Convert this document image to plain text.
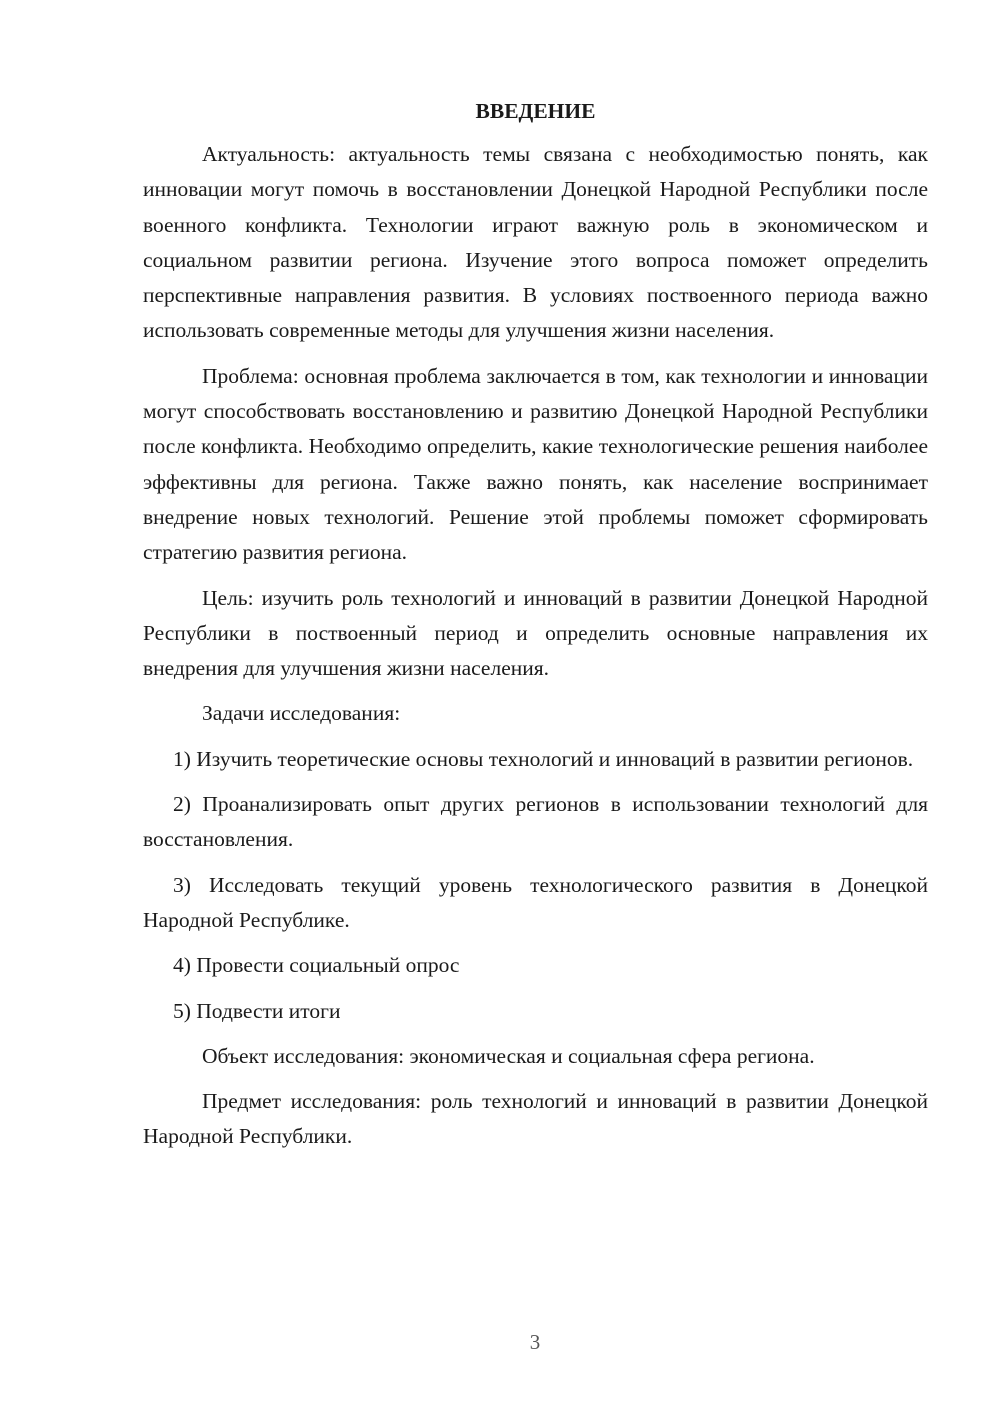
ВВЕДЕНИЕ

Актуальность: актуальность темы связана с необходимостью понять, как инновации могут помочь в восстановлении Донецкой Народной Республики после военного конфликта. Технологии играют важную роль в экономическом и социальном развитии региона. Изучение этого вопроса поможет определить перспективные направления развития. В условиях поствоенного периода важно использовать современные методы для улучшения жизни населения.

Проблема: основная проблема заключается в том, как технологии и инновации могут способствовать восстановлению и развитию Донецкой Народной Республики после конфликта. Необходимо определить, какие технологические решения наиболее эффективны для региона. Также важно понять, как население воспринимает внедрение новых технологий. Решение этой проблемы поможет сформировать стратегию развития региона.

Цель: изучить роль технологий и инноваций в развитии Донецкой Народной Республики в поствоенный период и определить основные направления их внедрения для улучшения жизни населения.

Задачи исследования:

1) Изучить теоретические основы технологий и инноваций в развитии регионов.

2) Проанализировать опыт других регионов в использовании технологий для восстановления.

3) Исследовать текущий уровень технологического развития в Донецкой Народной Республике.

4) Провести социальный опрос

5) Подвести итоги

Объект исследования: экономическая и социальная сфера региона.

Предмет исследования: роль технологий и инноваций в развитии Донецкой Народной Республики.

3
